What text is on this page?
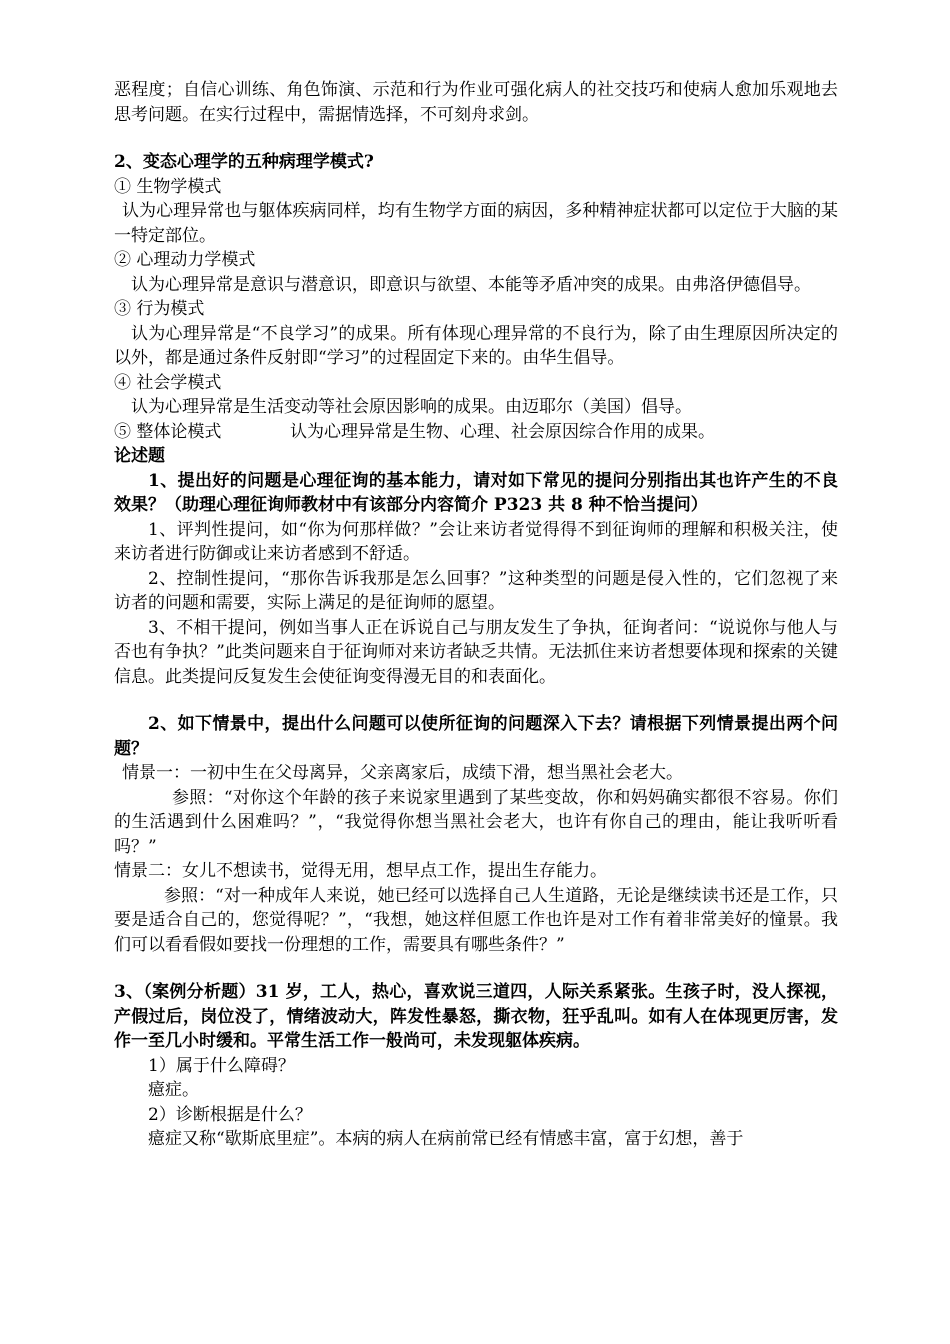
恶程度；自信心训练、角色饰演、示范和行为作业可强化病人的社交技巧和使病人愈加乐观地去思考问题。在实行过程中，需据情选择，不可刻舟求剑。

2、变态心理学的五种病理学模式?

① 生物学模式

认为心理异常也与躯体疾病同样，均有生物学方面的病因，多种精神症状都可以定位于大脑的某一特定部位。

② 心理动力学模式

认为心理异常是意识与潜意识，即意识与欲望、本能等矛盾冲突的成果。由弗洛伊德倡导。

③ 行为模式

认为心理异常是“不良学习”的成果。所有体现心理异常的不良行为，除了由生理原因所决定的以外，都是通过条件反射即“学习”的过程固定下来的。由华生倡导。

④ 社会学模式

认为心理异常是生活变动等社会原因影响的成果。由迈耶尔（美国）倡导。

⑤ 整体论模式	认为心理异常是生物、心理、社会原因综合作用的成果。

论述题

1、提出好的问题是心理征询的基本能力，请对如下常见的提问分别指出其也许产生的不良效果？（助理心理征询师教材中有该部分内容简介 P323 共 8 种不恰当提问）

1、评判性提问，如“你为何那样做？”会让来访者觉得得不到征询师的理解和积极关注，使来访者进行防御或让来访者感到不舒适。

2、控制性提问，“那你告诉我那是怎么回事？”这种类型的问题是侵入性的，它们忽视了来访者的问题和需要，实际上满足的是征询师的愿望。

3、不相干提问，例如当事人正在诉说自己与朋友发生了争执，征询者问：“说说你与他人与否也有争执？”此类问题来自于征询师对来访者缺乏共情。无法抓住来访者想要体现和探索的关键信息。此类提问反复发生会使征询变得漫无目的和表面化。

2、如下情景中，提出什么问题可以使所征询的问题深入下去？请根据下列情景提出两个问题？

情景一：一初中生在父母离异，父亲离家后，成绩下滑，想当黑社会老大。

参照：“对你这个年龄的孩子来说家里遇到了某些变故，你和妈妈确实都很不容易。你们的生活遇到什么困难吗？”，“我觉得你想当黑社会老大，也许有你自己的理由，能让我听听看吗？”

情景二：女儿不想读书，觉得无用，想早点工作，提出生存能力。

参照：“对一种成年人来说，她已经可以选择自己人生道路，无论是继续读书还是工作，只要是适合自己的，您觉得呢？”，“我想，她这样但愿工作也许是对工作有着非常美好的憧景。我们可以看看假如要找一份理想的工作，需要具有哪些条件？”

3、（案例分析题）31 岁，工人，热心，喜欢说三道四，人际关系紧张。生孩子时，没人探视，产假过后，岗位没了，情绪波动大，阵发性暴怒，撕衣物，狂乎乱叫。如有人在体现更厉害，发作一至几小时缓和。平常生活工作一般尚可，未发现躯体疾病。

1）属于什么障碍？

癔症。

2）诊断根据是什么？

癔症又称“歇斯底里症”。本病的病人在病前常已经有情感丰富，富于幻想，善于
